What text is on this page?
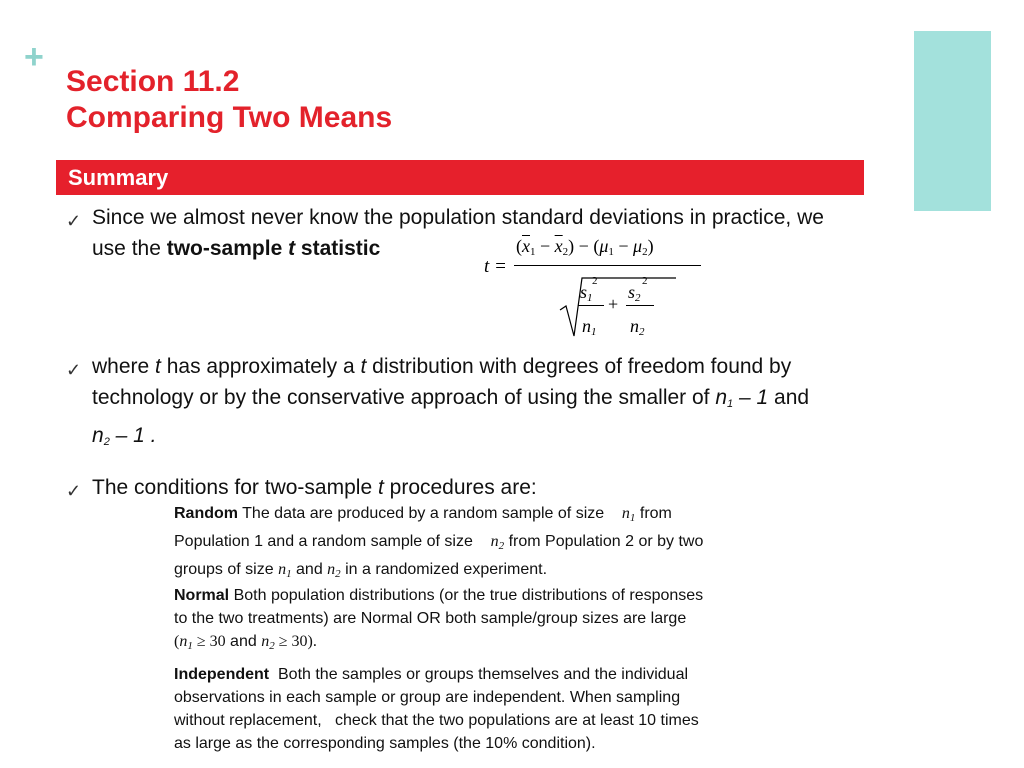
+
Section 11.2
Comparing Two Means
Summary
✓ Since we almost never know the population standard deviations in practice, we
use the two-sample t statistic
t =
$(\overline{x}_1 - \overline{x}_2) - (\mu_1 - \mu_2)$
$s_1$
2
$n_1$
+
$s_2$
2
$n_2$
✓ where t has approximately a t distribution with degrees of freedom found by
technology or by the conservative approach of using the smaller of $n_1 - 1$ and
$n_2 - 1$ .
✓ The conditions for two-sample t procedures are:
Random The data are produced by a random sample of size $n_1$ from
Population 1 and a random sample of size $n_2$ from Population 2 or by two
groups of size $n_1$ and $n_2$ in a randomized experiment.
Normal Both population distributions (or the true distributions of responses
to the two treatments) are Normal OR both sample/group sizes are large
($n_1 \ge 30$ and $n_2 \ge 30$).
Independent Both the samples or groups themselves and the individual
observations in each sample or group are independent. When sampling
without replacement,   check that the two populations are at least 10 times
as large as the corresponding samples (the 10% condition).
